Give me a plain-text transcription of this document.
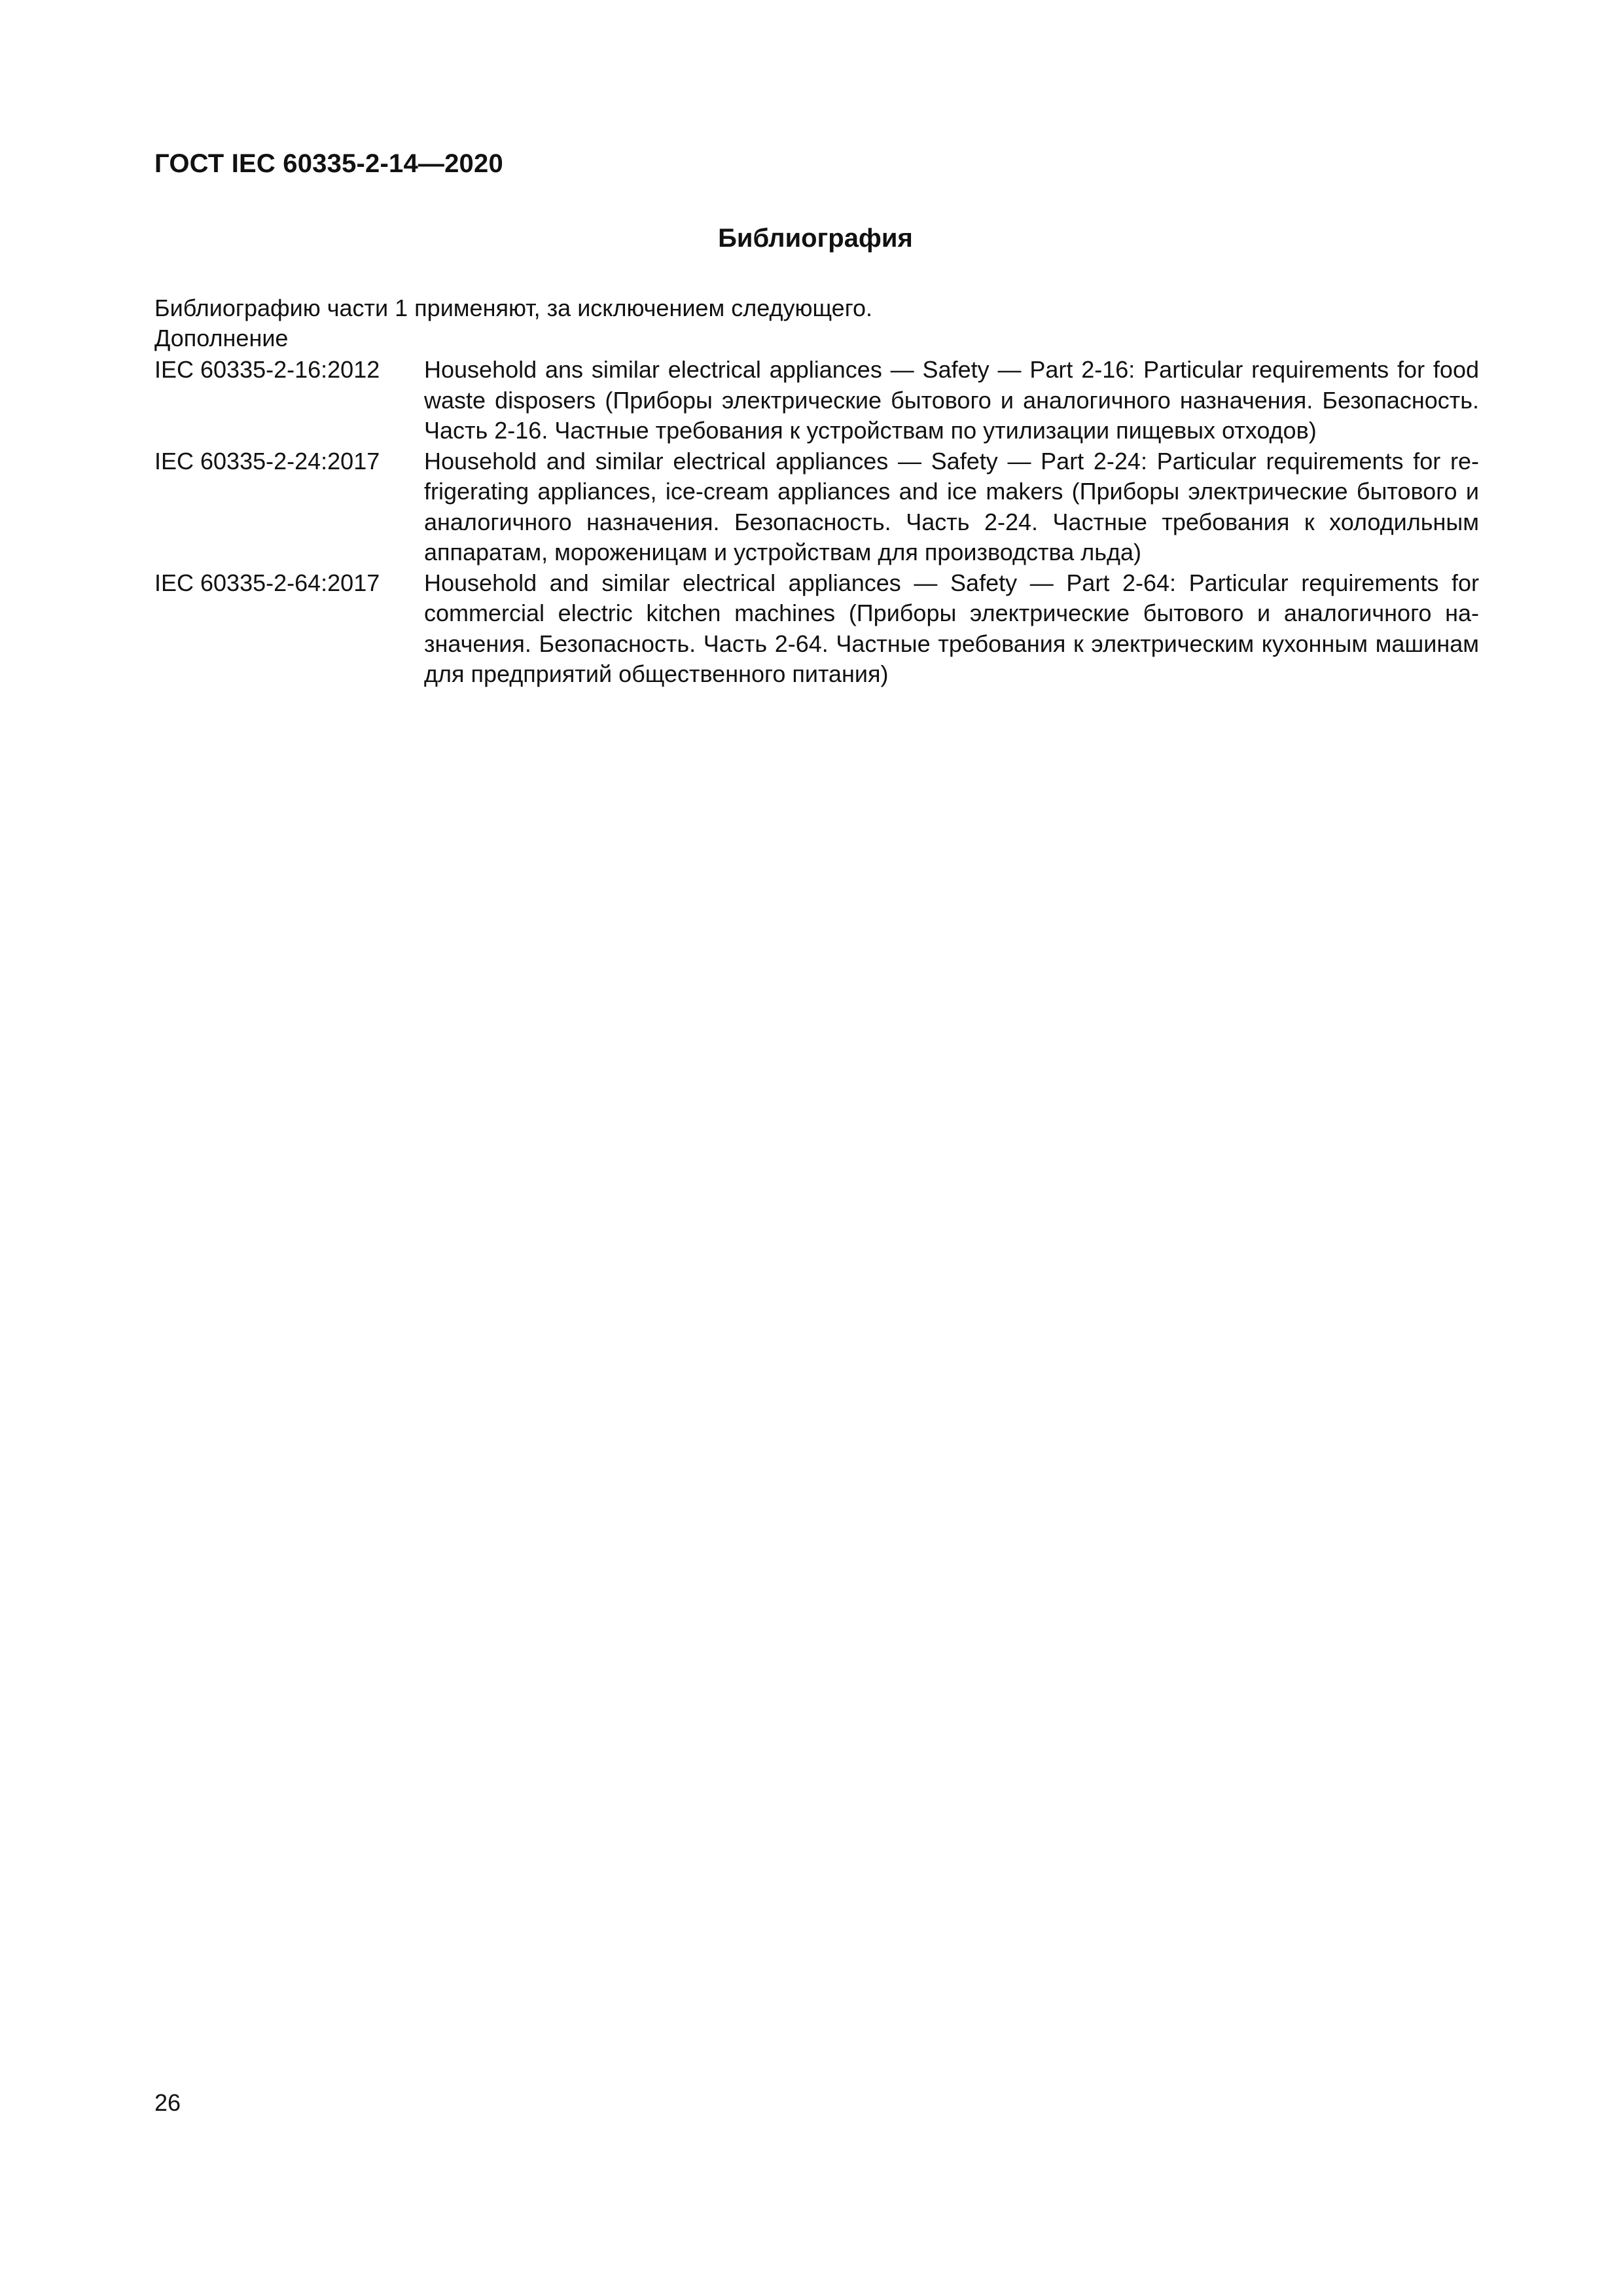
ГОСТ IEC 60335-2-14—2020
Библиография

Библиографию части 1 применяют, за исключением следующего.

Дополнение

IEC 60335-2-16:2012	Household ans similar electrical appliances — Safety — Part 2-16: Particular requirements for food waste disposers (Приборы электрические бытового и аналогичного назначения. Безопасность. Часть 2-16. Частные требования к устройствам по утилизации пищевых отходов)
IEC 60335-2-24:2017	Household and similar electrical appliances — Safety — Part 2-24: Particular requirements for refrigerating appliances, ice-cream appliances and ice makers (Приборы электрические бытового и аналогичного назначения. Безопасность. Часть 2-24. Частные требования к холодильным аппаратам, мороженицам и устройствам для производства льда)
IEC 60335-2-64:2017	Household and similar electrical appliances — Safety — Part 2-64: Particular requirements for commercial electric kitchen machines (Приборы электрические бытового и аналогичного назначения. Безопасность. Часть 2-64. Частные требования к электрическим кухонным машинам для предприятий общественного питания)

26
